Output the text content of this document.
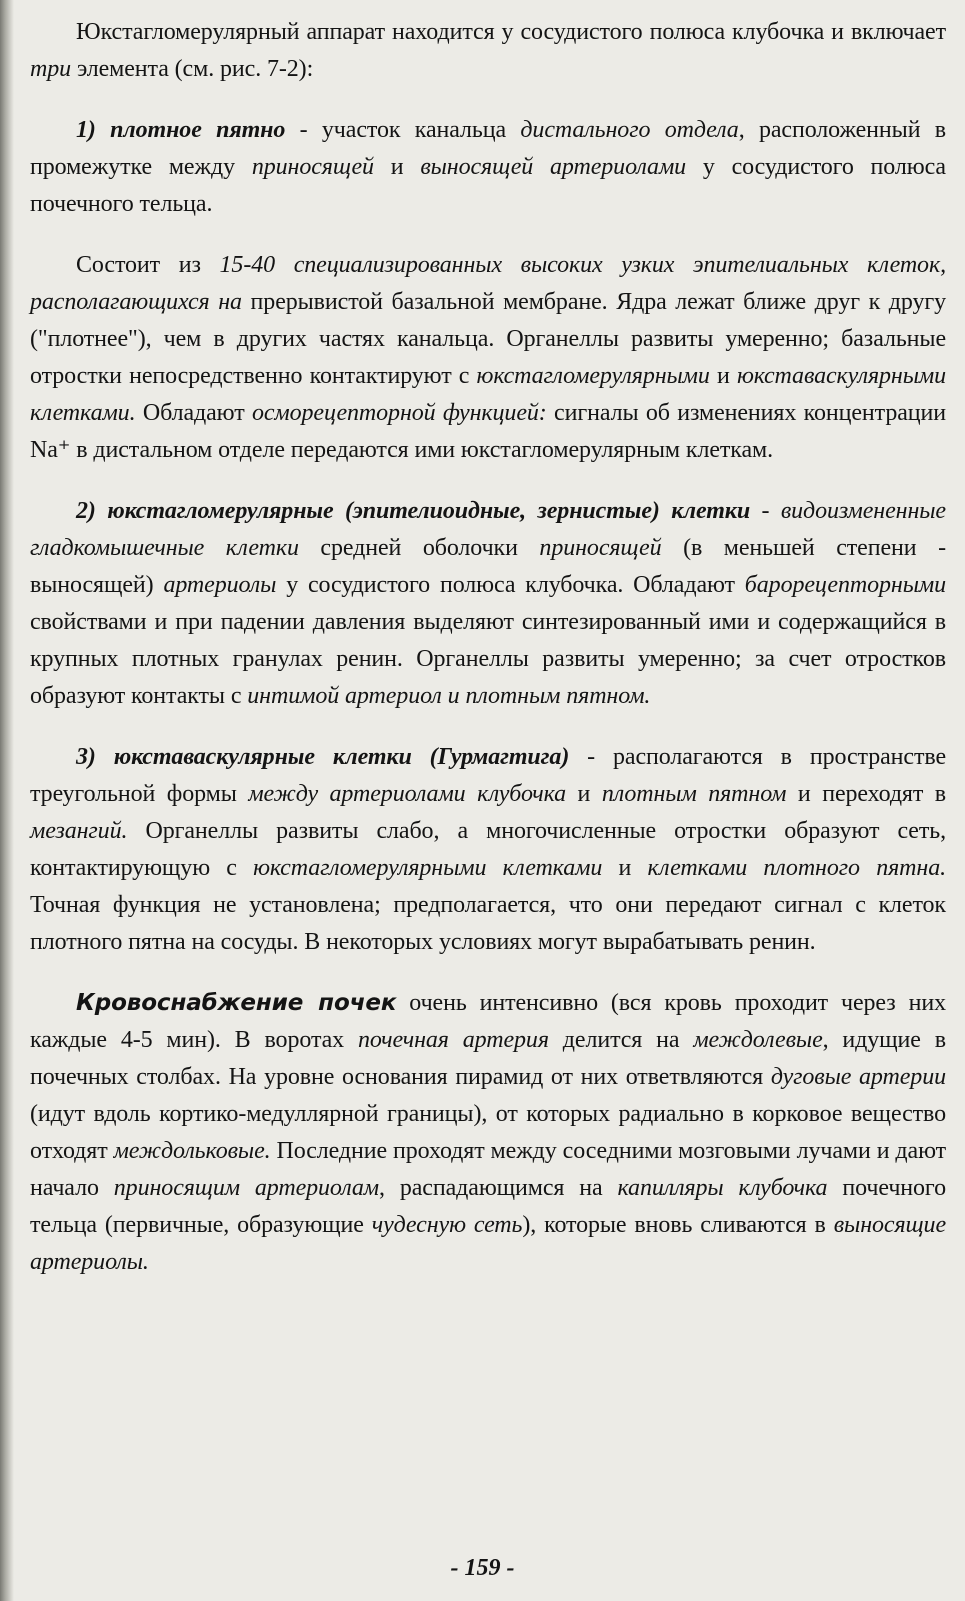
Юкстагломерулярный аппарат находится у сосудистого полюса клубочка и включает три элемента (см. рис. 7-2):

1) плотное пятно - участок канальца дистального отдела, расположенный в промежутке между приносящей и выносящей артериолами у сосудистого полюса почечного тельца.

Состоит из 15-40 специализированных высоких узких эпителиальных клеток, располагающихся на прерывистой базальной мембране. Ядра лежат ближе друг к другу ("плотнее"), чем в других частях канальца. Органеллы развиты умеренно; базальные отростки непосредственно контактируют с юкстагломерулярными и юкставаскулярными клетками. Обладают осморецепторной функцией: сигналы об изменениях концентрации Na⁺ в дистальном отделе передаются ими юкстагломерулярным клеткам.

2) юкстагломерулярные (эпителиоидные, зернистые) клетки - видоизмененные гладкомышечные клетки средней оболочки приносящей (в меньшей степени - выносящей) артериолы у сосудистого полюса клубочка. Обладают барорецепторными свойствами и при падении давления выделяют синтезированный ими и содержащийся в крупных плотных гранулах ренин. Органеллы развиты умеренно; за счет отростков образуют контакты с интимой артериол и плотным пятном.

3) юкставаскулярные клетки (Гурмагтига) - располагаются в пространстве треугольной формы между артериолами клубочка и плотным пятном и переходят в мезангий. Органеллы развиты слабо, а многочисленные отростки образуют сеть, контактирующую с юкстагломерулярными клетками и клетками плотного пятна. Точная функция не установлена; предполагается, что они передают сигнал с клеток плотного пятна на сосуды. В некоторых условиях могут вырабатывать ренин.

Кровоснабжение почек очень интенсивно (вся кровь проходит через них каждые 4-5 мин). В воротах почечная артерия делится на междолевые, идущие в почечных столбах. На уровне основания пирамид от них ответвляются дуговые артерии (идут вдоль кортико-медуллярной границы), от которых радиально в корковое вещество отходят междольковые. Последние проходят между соседними мозговыми лучами и дают начало приносящим артериолам, распадающимся на капилляры клубочка почечного тельца (первичные, образующие чудесную сеть), которые вновь сливаются в выносящие артериолы.

- 159 -
